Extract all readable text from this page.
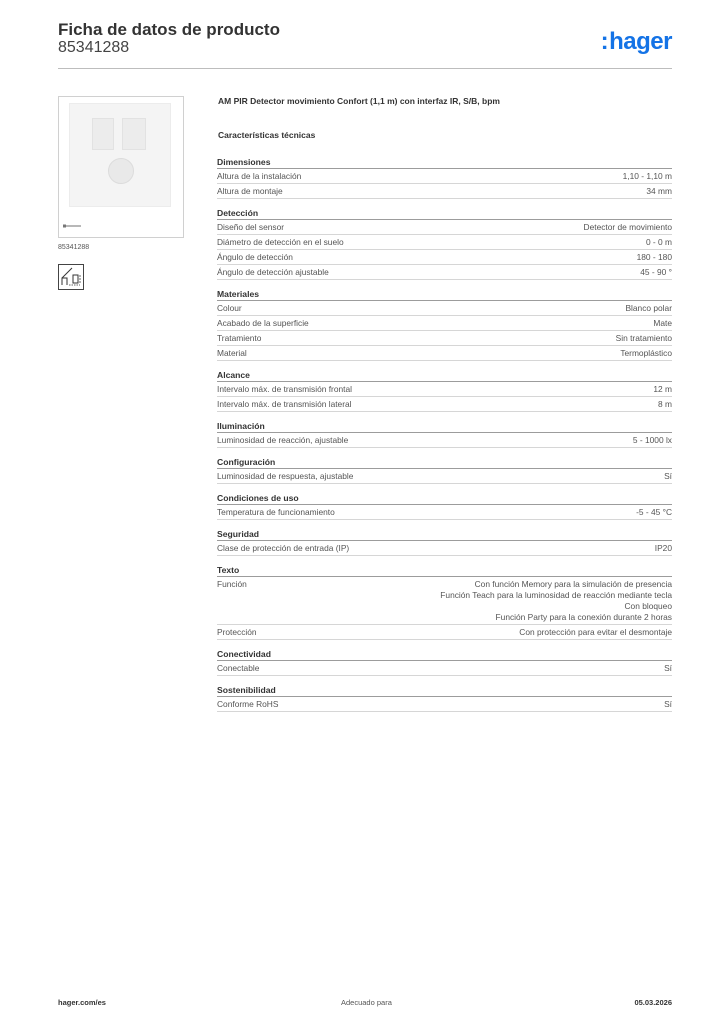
Ficha de datos de producto
85341288	:hager
85341288
AM PIR Detector movimiento Confort (1,1 m) con interfaz IR, S/B, bpm
Características técnicas
Dimensiones
Altura de la instalación	1,10 - 1,10 m
Altura de montaje	34 mm
Detección
Diseño del sensor	Detector de movimiento
Diámetro de detección en el suelo	0 - 0 m
Ángulo de detección	180 - 180
Ángulo de detección ajustable	45 - 90 °
Materiales
Colour	Blanco polar
Acabado de la superficie	Mate
Tratamiento	Sin tratamiento
Material	Termoplástico
Alcance
Intervalo máx. de transmisión frontal	12 m
Intervalo máx. de transmisión lateral	8 m
Iluminación
Luminosidad de reacción, ajustable	5 - 1000 lx
Configuración
Luminosidad de respuesta, ajustable	Sí
Condiciones de uso
Temperatura de funcionamiento	-5 - 45 °C
Seguridad
Clase de protección de entrada (IP)	IP20
Texto
Función	Con función Memory para la simulación de presencia
Función Teach para la luminosidad de reacción mediante tecla
Con bloqueo
Función Party para la conexión durante 2 horas
Protección	Con protección para evitar el desmontaje
Conectividad
Conectable	Sí
Sostenibilidad
Conforme RoHS	Sí
hager.com/es	Adecuado para	05.03.2026
